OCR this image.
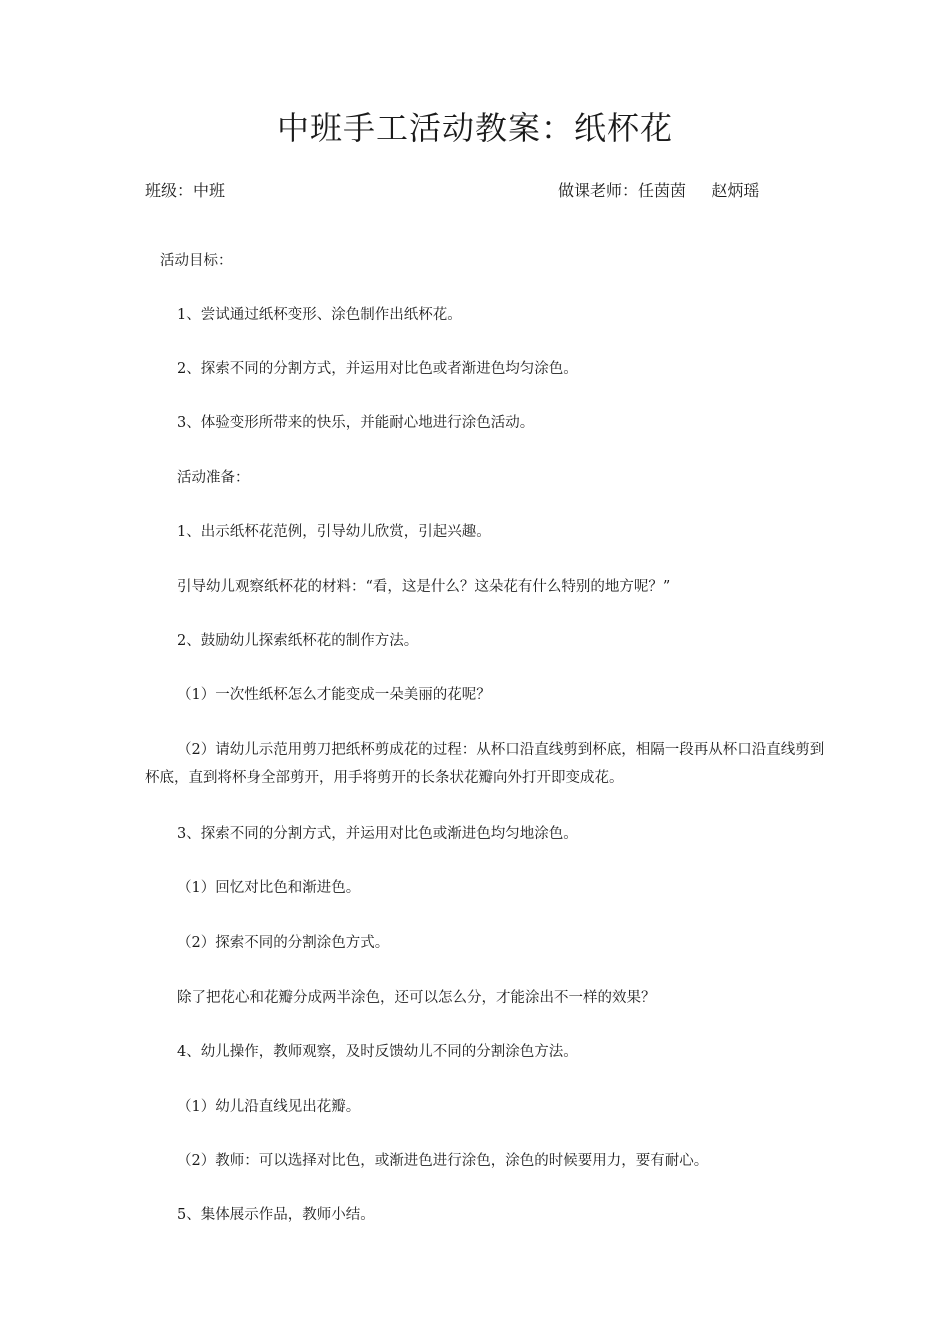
中班手工活动教案：纸杯花
班级：中班	做课老师：任茵茵     赵炳瑶
活动目标：
1、尝试通过纸杯变形、涂色制作出纸杯花。
2、探索不同的分割方式，并运用对比色或者渐进色均匀涂色。
3、体验变形所带来的快乐，并能耐心地进行涂色活动。
活动准备：
1、出示纸杯花范例，引导幼儿欣赏，引起兴趣。
引导幼儿观察纸杯花的材料：“看，这是什么？这朵花有什么特别的地方呢？”
2、鼓励幼儿探索纸杯花的制作方法。
（1）一次性纸杯怎么才能变成一朵美丽的花呢？
（2）请幼儿示范用剪刀把纸杯剪成花的过程：从杯口沿直线剪到杯底，相隔一段再从杯口沿直线剪到杯底，直到将杯身全部剪开，用手将剪开的长条状花瓣向外打开即变成花。
3、探索不同的分割方式，并运用对比色或渐进色均匀地涂色。
（1）回忆对比色和渐进色。
（2）探索不同的分割涂色方式。
除了把花心和花瓣分成两半涂色，还可以怎么分，才能涂出不一样的效果？
4、幼儿操作，教师观察，及时反馈幼儿不同的分割涂色方法。
（1）幼儿沿直线见出花瓣。
（2）教师：可以选择对比色，或渐进色进行涂色，涂色的时候要用力，要有耐心。
5、集体展示作品，教师小结。
